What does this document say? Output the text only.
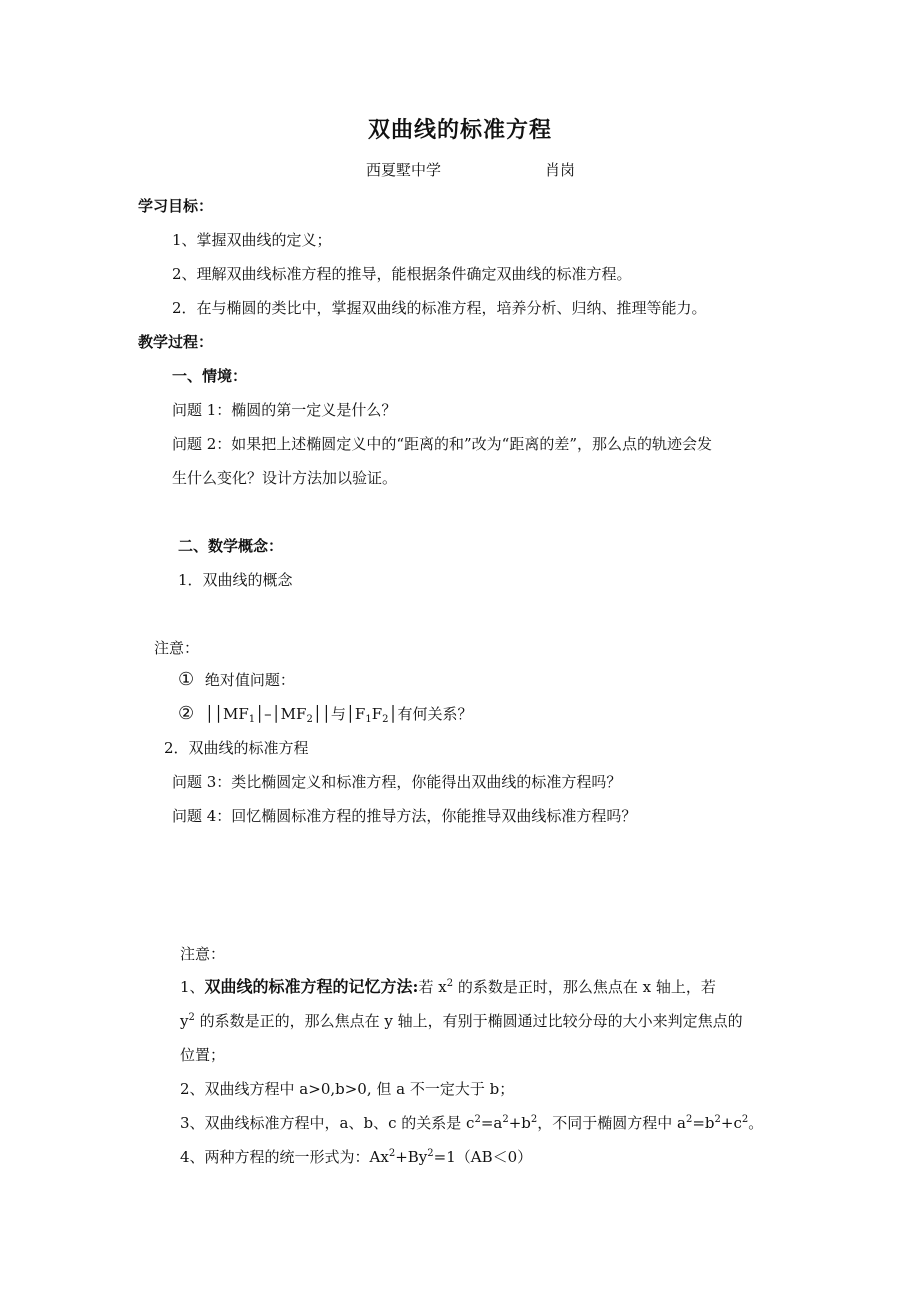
双曲线的标准方程
西夏墅中学	肖岗
学习目标：
1、掌握双曲线的定义；
2、理解双曲线标准方程的推导，能根据条件确定双曲线的标准方程。
2．在与椭圆的类比中，掌握双曲线的标准方程，培养分析、归纳、推理等能力。
教学过程：
一、情境：
问题 1：椭圆的第一定义是什么？
问题 2：如果把上述椭圆定义中的“距离的和”改为“距离的差”，那么点的轨迹会发
生什么变化？设计方法加以验证。
二、数学概念：
1．双曲线的概念
注意：
① 绝对值问题：
② $││MF_1│-│MF_2││$与$│F_1F_2│$有何关系？
2．双曲线的标准方程
问题 3：类比椭圆定义和标准方程，你能得出双曲线的标准方程吗？
问题 4：回忆椭圆标准方程的推导方法，你能推导双曲线标准方程吗？
注意：
1、双曲线的标准方程的记忆方法:若 $x^2$ 的系数是正时，那么焦点在 x 轴上，若
$y^2$ 的系数是正的，那么焦点在 y 轴上，有别于椭圆通过比较分母的大小来判定焦点的
位置；
2、双曲线方程中 a>0,b>0, 但 a 不一定大于 b；
3、双曲线标准方程中，a、b、c 的关系是 $c^2=a^2+b^2$，不同于椭圆方程中 $a^2=b^2+c^2$。
4、两种方程的统一形式为：$Ax^2+By^2=1(AB<0)$
